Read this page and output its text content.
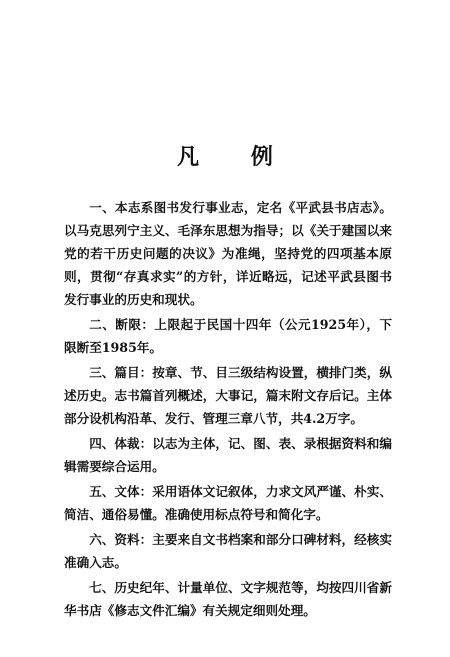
凡 例

一、本志系图书发行事业志，定名《平武县书店志》。以马克思列宁主义、毛泽东思想为指导；以《关于建国以来党的若干历史问题的决议》为准绳，坚持党的四项基本原则，贯彻“存真求实”的方针，详近略远，记述平武县图书发行事业的历史和现状。

二、断限：上限起于民国十四年（公元1925年），下限断至1985年。

三、篇目：按章、节、目三级结构设置，横排门类，纵述历史。志书篇首列概述，大事记，篇末附文存后记。主体部分设机构沿革、发行、管理三章八节，共4.2万字。

四、体裁：以志为主体，记、图、表、录根据资料和编辑需要综合运用。

五、文体：采用语体文记叙体，力求文风严谨、朴实、简洁、通俗易懂。准确使用标点符号和简化字。

六、资料：主要来自文书档案和部分口碑材料，经核实准确入志。

七、历史纪年、计量单位、文字规范等，均按四川省新华书店《修志文件汇编》有关规定细则处理。
